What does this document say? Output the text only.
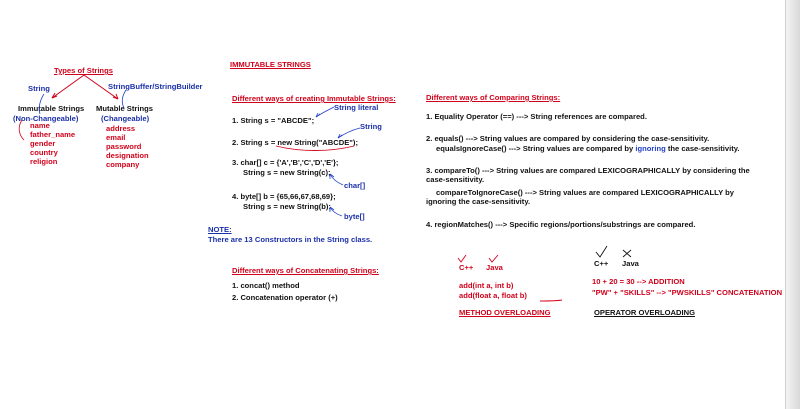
Types of Strings
String	StringBuffer/StringBuilder
Immutable Strings
(Non-Changeable)
name
father_name
gender
country
religion
Mutable Strings
(Changeable)
address
email
password
designation
company
IMMUTABLE STRINGS
Different ways of creating Immutable Strings:
String literal
1. String s = "ABCDE";
String
2. String s = new String("ABCDE");
3. char[] c = {'A','B','C','D','E'};
String s = new String(c);
char[]
4. byte[] b = {65,66,67,68,69};
String s = new String(b);
byte[]
NOTE:
There are 13 Constructors in the String class.
Different ways of Concatenating Strings:
1. concat() method
2. Concatenation operator (+)
Different ways of Comparing Strings:
1. Equality Operator (==) ---> String references are compared.
2. equals() ---> String values are compared by considering the case-sensitivity.
equalsIgnoreCase() ---> String values are compared by ignoring the case-sensitivity.
3. compareTo() ---> String values are compared LEXICOGRAPHICALLY by considering the case-sensitivity.
compareToIgnoreCase() ---> String values are compared LEXICOGRAPHICALLY by ignoring the case-sensitivity.
4. regionMatches() ---> Specific regions/portions/substrings are compared.
C++ Java
add(int a, int b)
add(float a, float b)
METHOD OVERLOADING
C++ Java
10 + 20 = 30 --> ADDITION
"PW" + "SKILLS" --> "PWSKILLS" CONCATENATION
OPERATOR OVERLOADING
